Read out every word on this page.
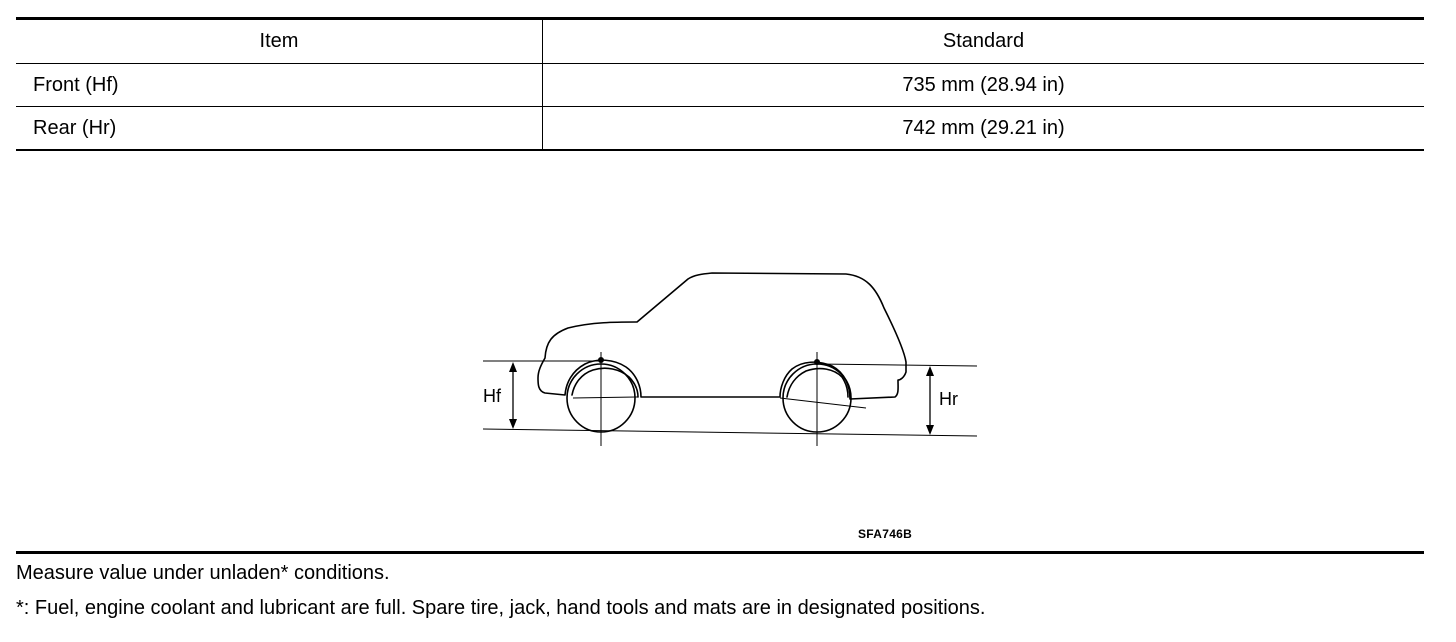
Item	Standard
Front (Hf)	735 mm (28.94 in)
Rear (Hr)	742 mm (29.21 in)
Hf	Hr
SFA746B
Measure value under unladen* conditions.
*: Fuel, engine coolant and lubricant are full. Spare tire, jack, hand tools and mats are in designated positions.
